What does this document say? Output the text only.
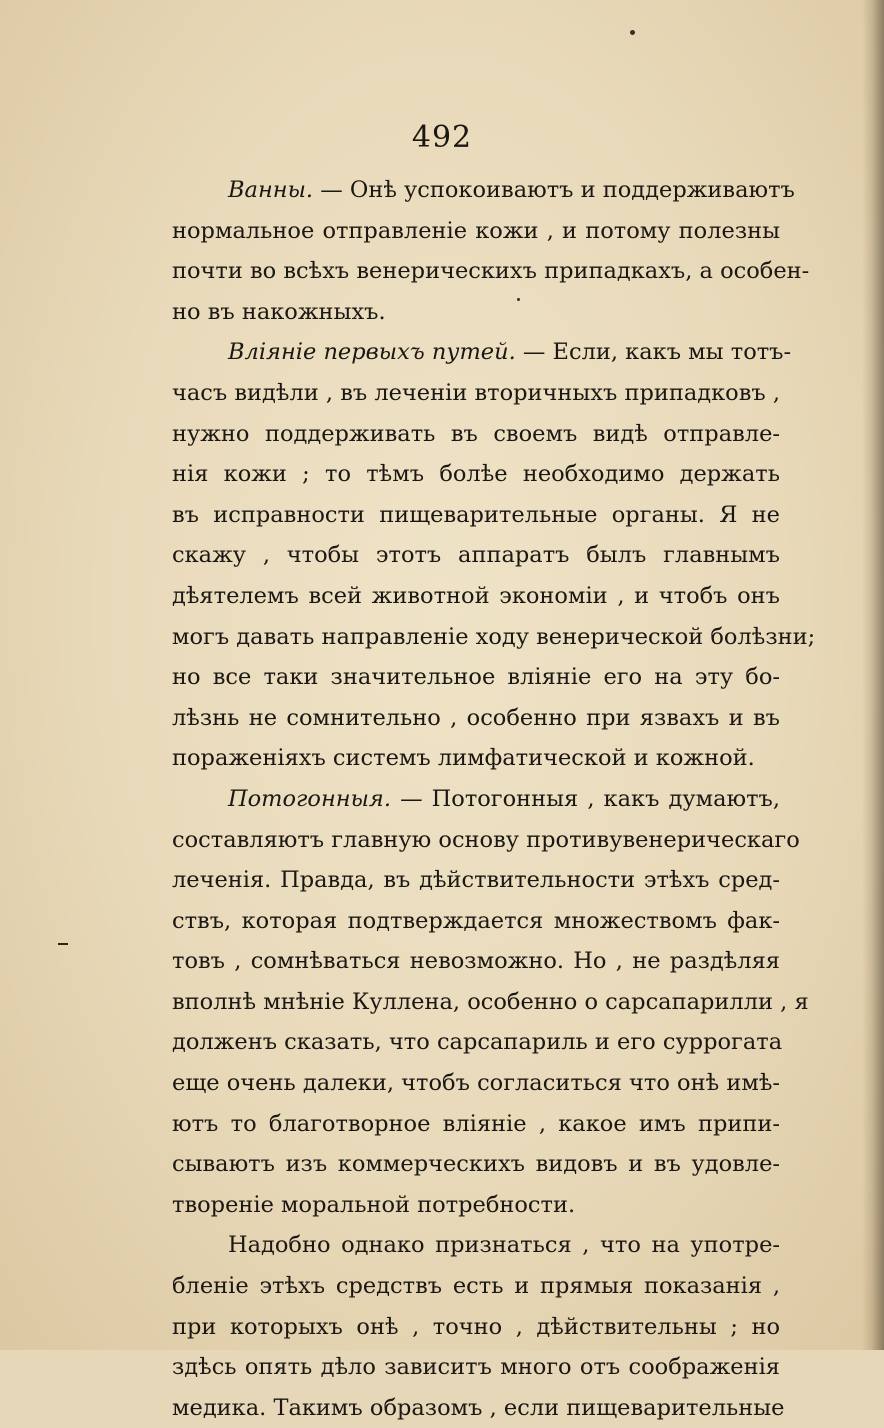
492
Ванны. — Онѣ успокоиваютъ и поддерживаютъ
нормальное отправленіе кожи , и потому полезны
почти во всѣхъ венерическихъ припадкахъ, а особен-
но въ накожныхъ.
Вліяніе первыхъ путей. — Если, какъ мы тотъ-
часъ видѣли , въ леченіи вторичныхъ припадковъ ,
нужно поддерживать въ своемъ видѣ отправле-
нія кожи ; то тѣмъ болѣе необходимо держать
въ исправности пищеварительные органы. Я не
скажу , чтобы этотъ аппаратъ былъ главнымъ
дѣятелемъ всей животной экономіи , и чтобъ онъ
могъ давать направленіе ходу венерической болѣзни;
но все таки значительное вліяніе его на эту бо-
лѣзнь не сомнительно , особенно при язвахъ и въ
пораженіяхъ системъ лимфатической и кожной.
Потогонныя. — Потогонныя , какъ думаютъ,
составляютъ главную основу противувенерическаго
леченія. Правда, въ дѣйствительности этѣхъ сред-
ствъ, которая подтверждается множествомъ фак-
товъ , сомнѣваться невозможно. Но , не раздѣляя
вполнѣ мнѣніе Куллена, особенно о сарсапарилли , я
долженъ сказать, что сарсапариль и его суррогата
еще очень далеки, чтобъ согласиться что онѣ имѣ-
ютъ то благотворное вліяніе , какое имъ припи-
сываютъ изъ коммерческихъ видовъ и въ удовле-
твореніе моральной потребности.
Надобно однако признаться , что на употре-
бленіе этѣхъ средствъ есть и прямыя показанія ,
при которыхъ онѣ , точно , дѣйствительны ; но
здѣсь опять дѣло зависитъ много отъ соображенія
медика. Такимъ образомъ , если пищеварительные
